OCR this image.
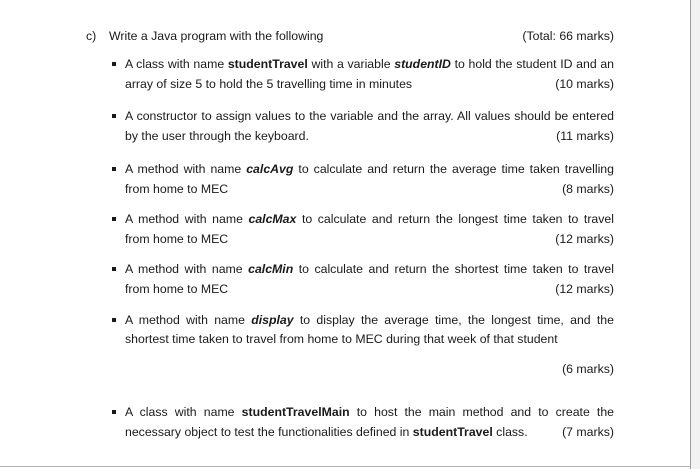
c) Write a Java program with the following	(Total: 66 marks)
A class with name studentTravel with a variable studentID to hold the student ID and an
array of size 5 to hold the 5 travelling time in minutes	(10 marks)
A constructor to assign values to the variable and the array. All values should be entered
by the user through the keyboard.	(11 marks)
A method with name calcAvg to calculate and return the average time taken travelling
from home to MEC	(8 marks)
A method with name calcMax to calculate and return the longest time taken to travel
from home to MEC	(12 marks)
A method with name calcMin to calculate and return the shortest time taken to travel
from home to MEC	(12 marks)
A method with name display to display the average time, the longest time, and the
shortest time taken to travel from home to MEC during that week of that student
(6 marks)
A class with name studentTravelMain to host the main method and to create the
necessary object to test the functionalities defined in studentTravel class.	(7 marks)
